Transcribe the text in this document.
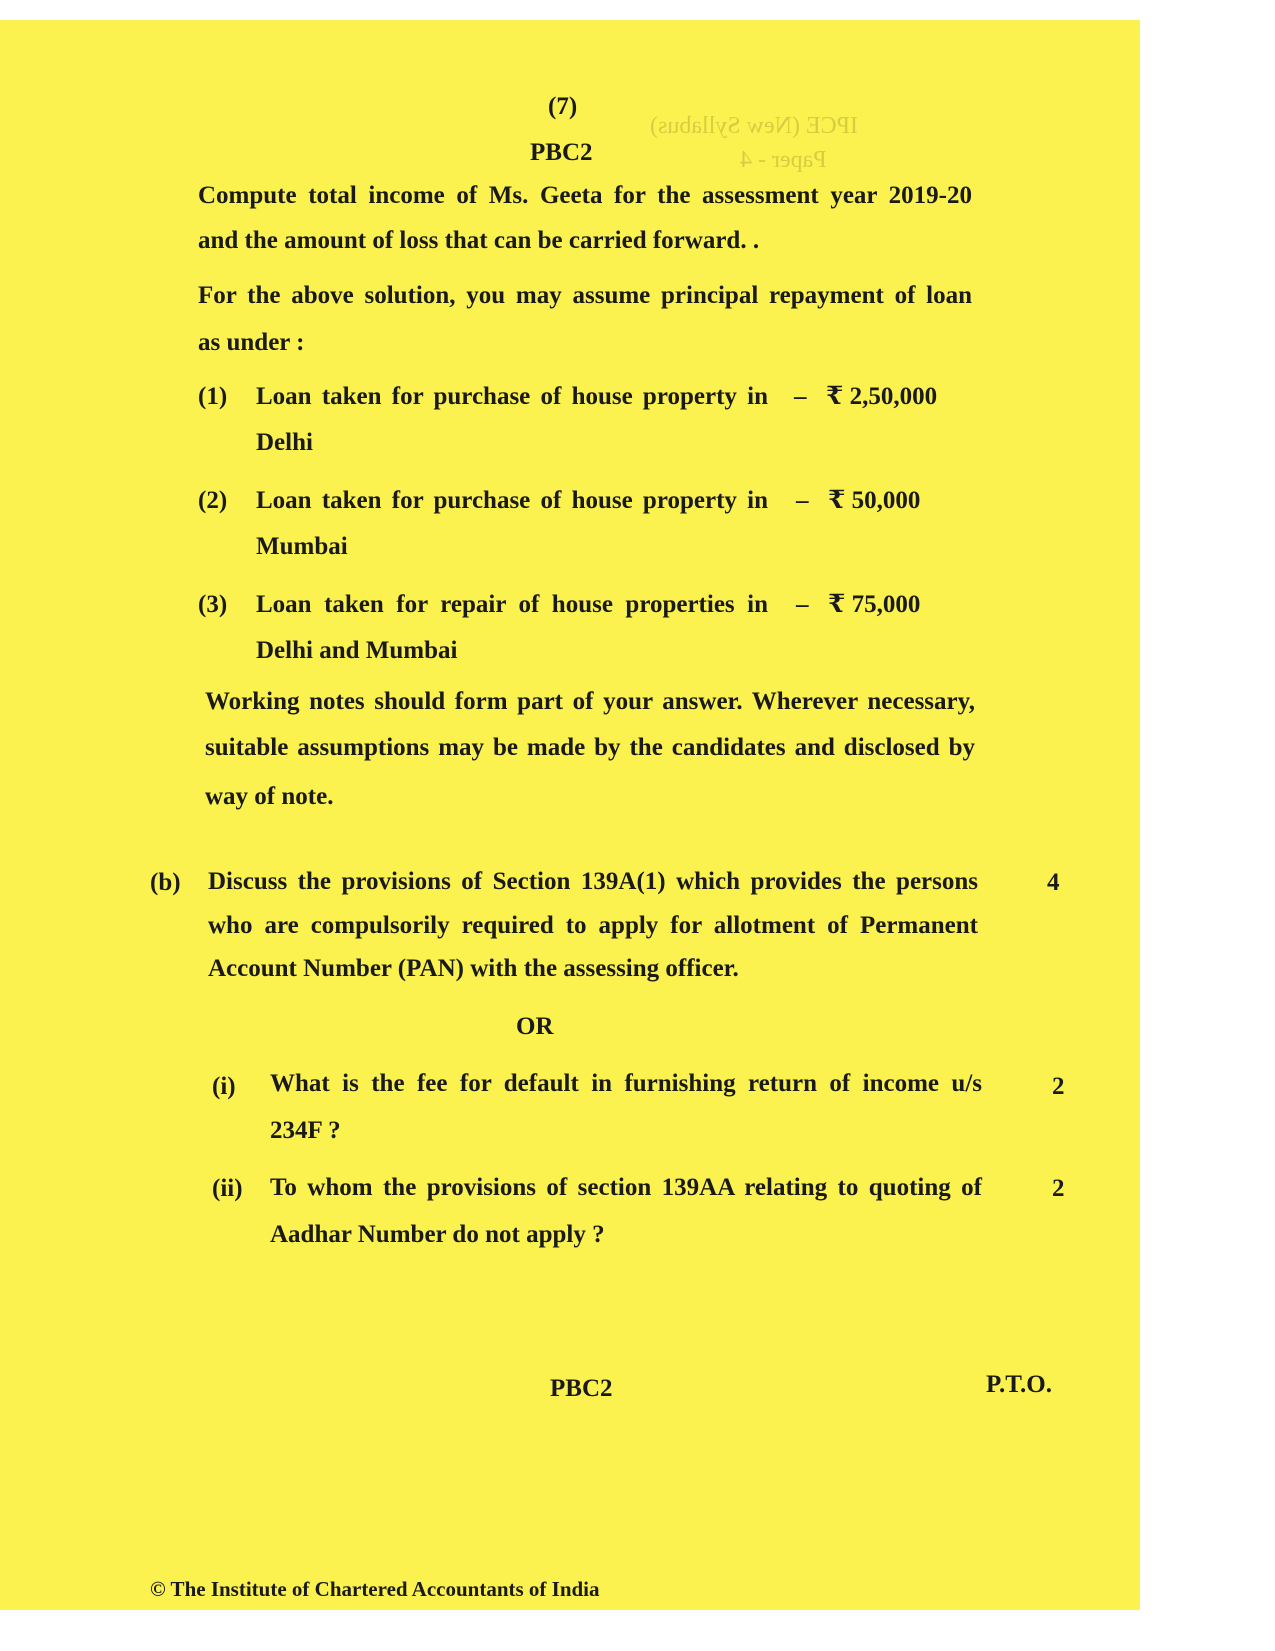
IPCE (New Syllabus)
Paper - 4
(7)
PBC2
Compute total income of Ms. Geeta for the assessment year 2019-20
and the amount of loss that can be carried forward. .
For the above solution, you may assume principal repayment of loan
as under :
(1) Loan taken for purchase of house property in – ₹ 2,50,000
Delhi
(2) Loan taken for purchase of house property in – ₹ 50,000
Mumbai
(3) Loan taken for repair of house properties in – ₹ 75,000
Delhi and Mumbai
Working notes should form part of your answer. Wherever necessary,
suitable assumptions may be made by the candidates and disclosed by
way of note.
(b) Discuss the provisions of Section 139A(1) which provides the persons
who are compulsorily required to apply for allotment of Permanent
Account Number (PAN) with the assessing officer.
4
OR
(i) What is the fee for default in furnishing return of income u/s
234F ?
2
(ii) To whom the provisions of section 139AA relating to quoting of
Aadhar Number do not apply ?
2
PBC2	P.T.O.
© The Institute of Chartered Accountants of India
